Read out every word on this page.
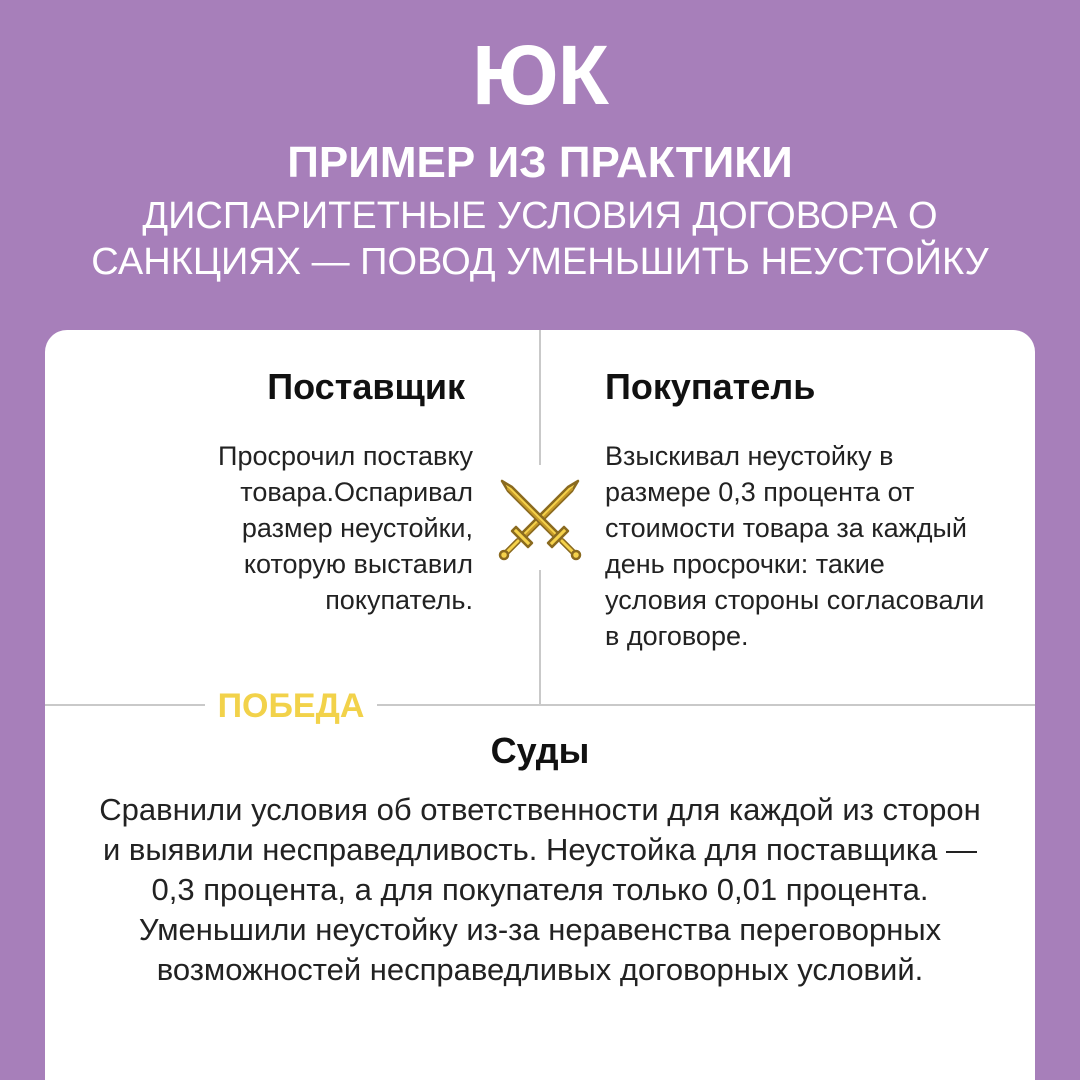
ЮК
ПРИМЕР ИЗ ПРАКТИКИ
ДИСПАРИТЕТНЫЕ УСЛОВИЯ ДОГОВОРА О САНКЦИЯХ — ПОВОД УМЕНЬШИТЬ НЕУСТОЙКУ
Поставщик	Покупатель
Просрочил поставку товара.Оспаривал размер неустойки, которую выставил покупатель.
Взыскивал неустойку в размере 0,3 процента от стоимости товара за каждый день просрочки: такие условия стороны согласовали в договоре.
ПОБЕДА
Суды
Сравнили условия об ответственности для каждой из сторон и выявили несправедливость. Неустойка для поставщика — 0,3 процента, а для покупателя только 0,01 процента. Уменьшили неустойку из-за неравенства переговорных возможностей несправедливых договорных условий.
